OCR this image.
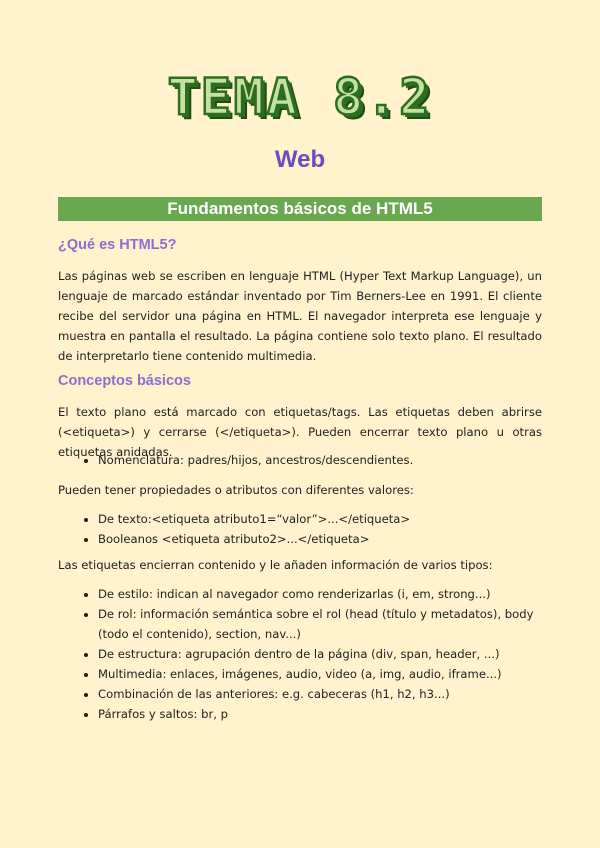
TEMA 8.2
Web
Fundamentos básicos de HTML5
¿Qué es HTML5?

Las páginas web se escriben en lenguaje HTML (Hyper Text Markup Language), un lenguaje de marcado estándar inventado por Tim Berners-Lee en 1991. El cliente recibe del servidor una página en HTML. El navegador interpreta ese lenguaje y muestra en pantalla el resultado. La página contiene solo texto plano. El resultado de interpretarlo tiene contenido multimedia.

Conceptos básicos

El texto plano está marcado con etiquetas/tags. Las etiquetas deben abrirse (<etiqueta>) y cerrarse (</etiqueta>). Pueden encerrar texto plano u otras etiquetas anidadas.

• Nomenclatura: padres/hijos, ancestros/descendientes.

Pueden tener propiedades o atributos con diferentes valores:

• De texto:<etiqueta atributo1=“valor”>...</etiqueta>
• Booleanos <etiqueta atributo2>...</etiqueta>

Las etiquetas encierran contenido y le añaden información de varios tipos:

• De estilo: indican al navegador como renderizarlas (i, em, strong...)
• De rol: información semántica sobre el rol (head (título y metadatos), body (todo el contenido), section, nav...)
• De estructura: agrupación dentro de la página (div, span, header, ...)
• Multimedia: enlaces, imágenes, audio, video (a, img, audio, iframe...)
• Combinación de las anteriores: e.g. cabeceras (h1, h2, h3...)
• Párrafos y saltos: br, p
